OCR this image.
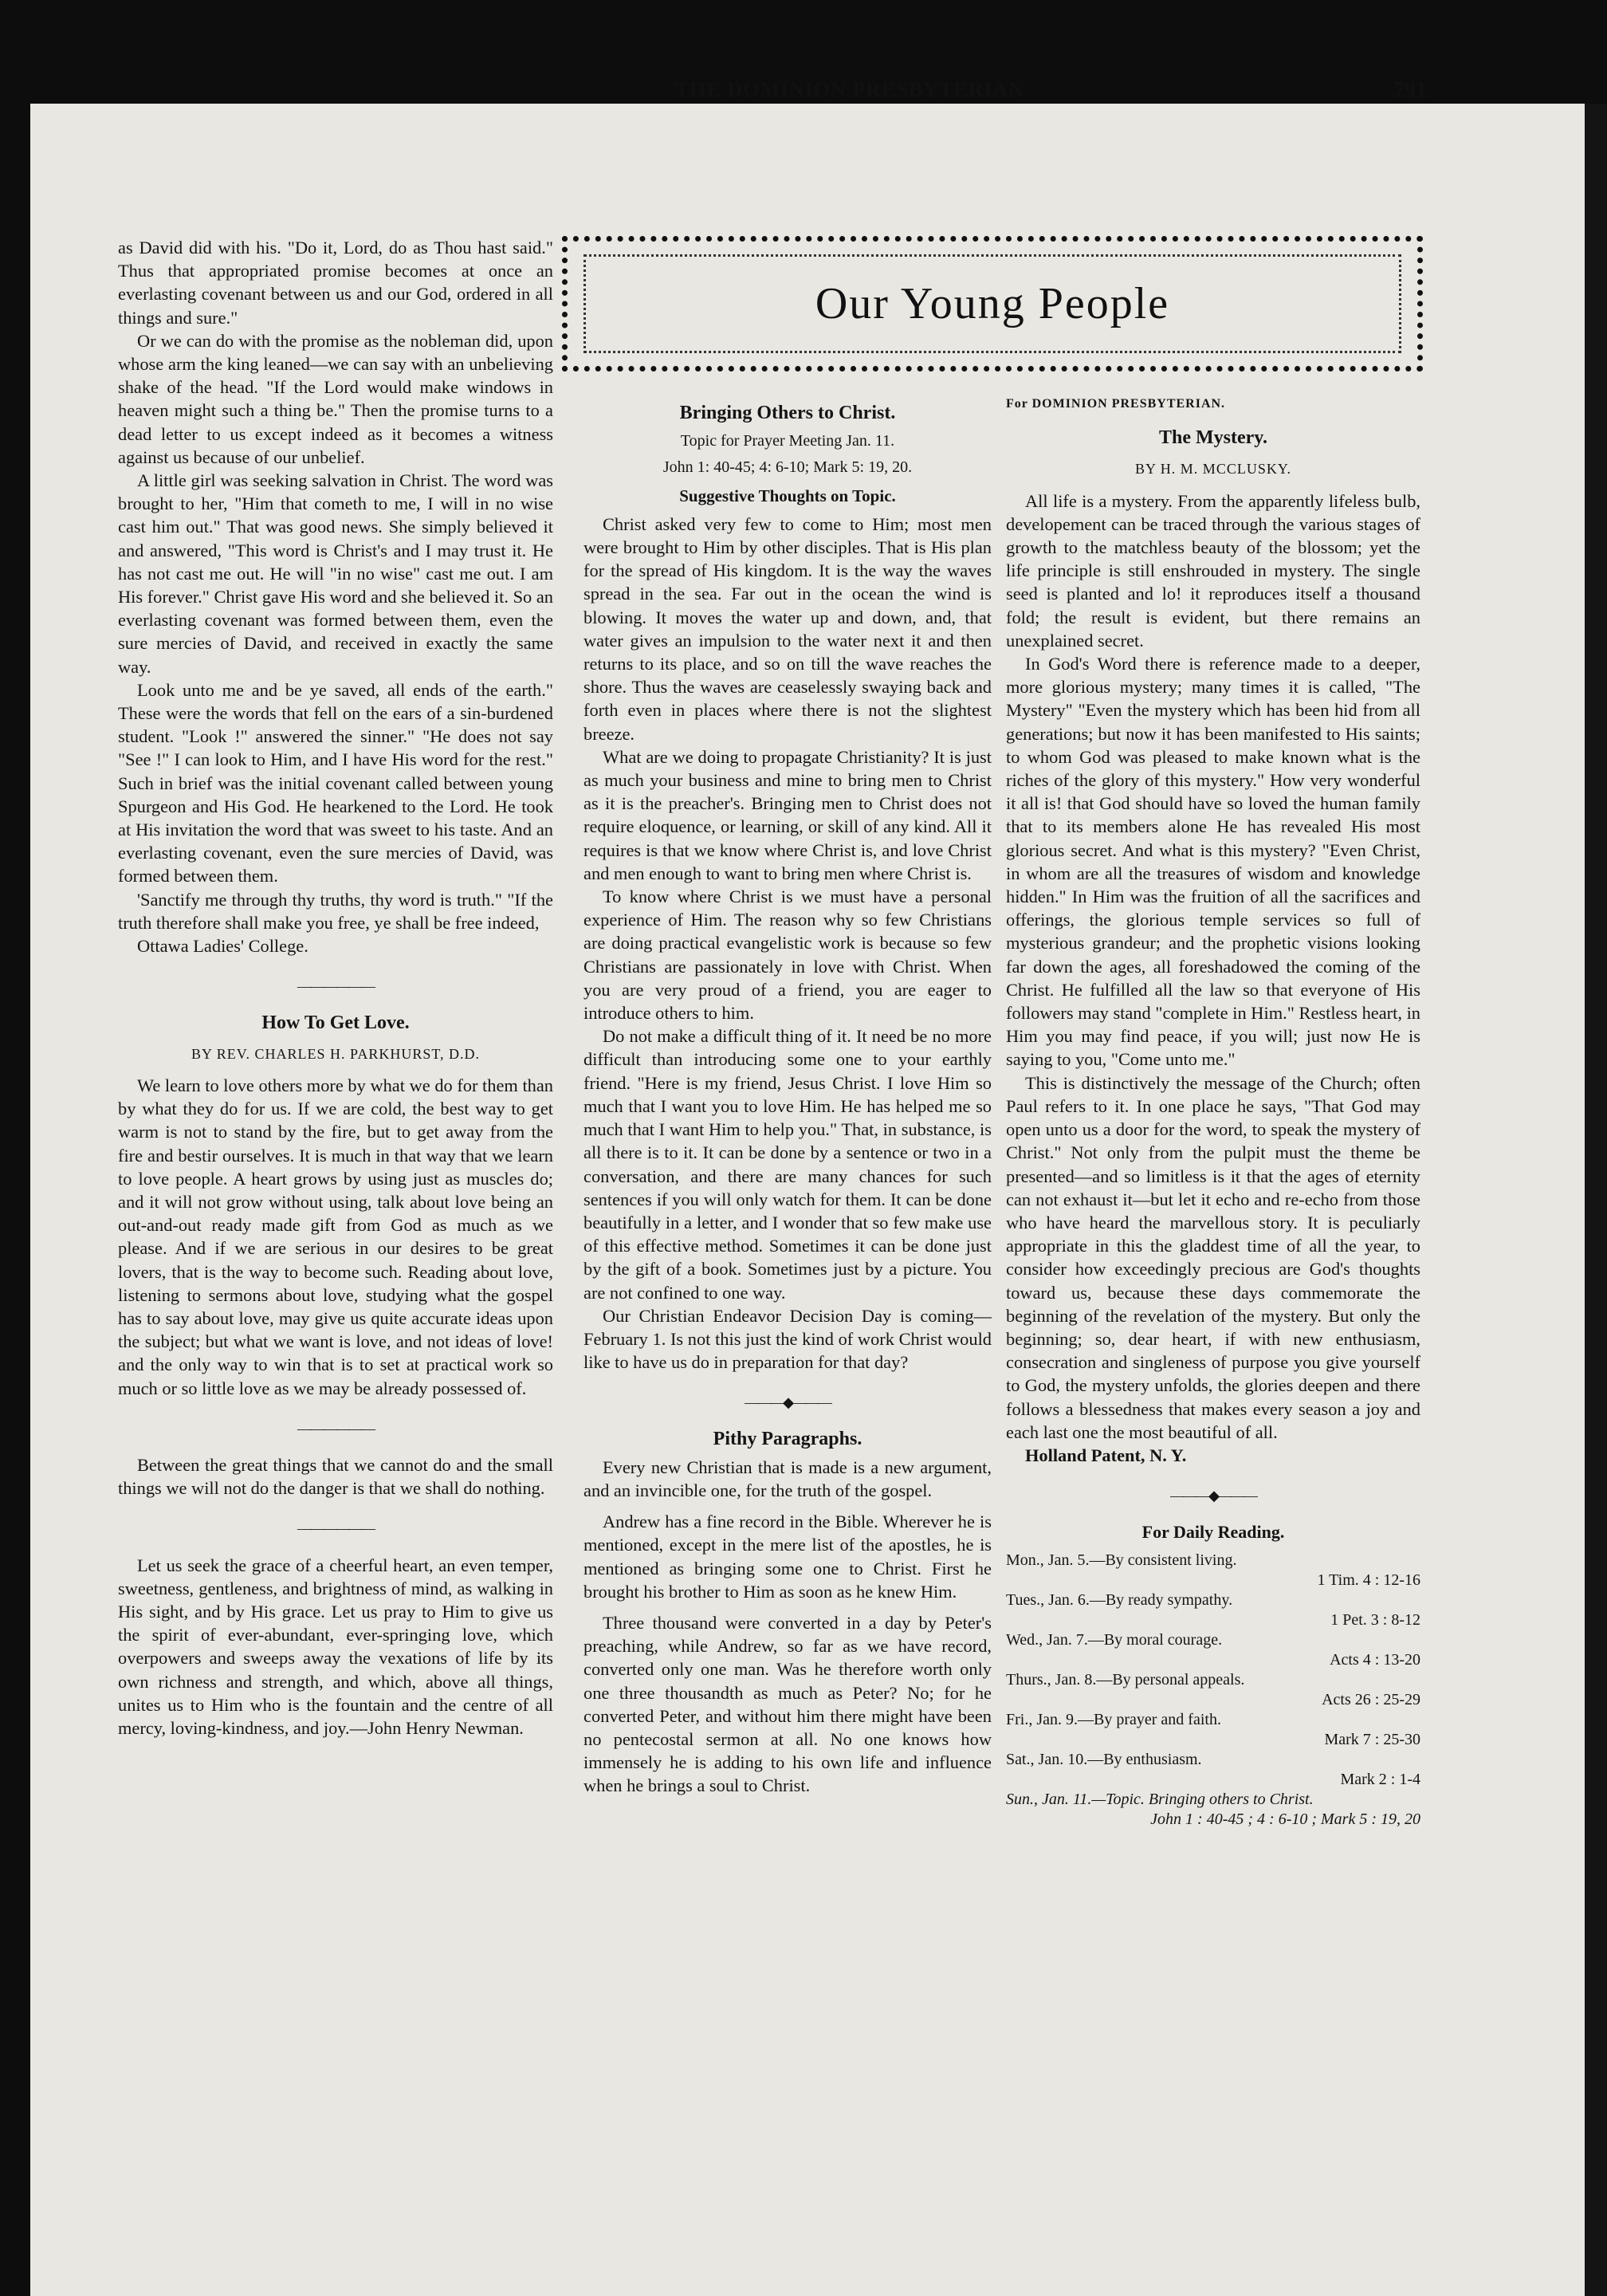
THE DOMINION PRESBYTERIAN	791
Our Young People

as David did with his. "Do it, Lord, do as Thou hast said." Thus that appropriated promise becomes at once an everlasting covenant between us and our God, ordered in all things and sure."

Or we can do with the promise as the nobleman did, upon whose arm the king leaned—we can say with an unbelieving shake of the head. "If the Lord would make windows in heaven might such a thing be." Then the promise turns to a dead letter to us except indeed as it becomes a witness against us because of our unbelief.

A little girl was seeking salvation in Christ. The word was brought to her, "Him that cometh to me, I will in no wise cast him out." That was good news. She simply believed it and answered, "This word is Christ's and I may trust it. He has not cast me out. He will "in no wise" cast me out. I am His forever." Christ gave His word and she believed it. So an everlasting covenant was formed between them, even the sure mercies of David, and received in exactly the same way.

Look unto me and be ye saved, all ends of the earth." These were the words that fell on the ears of a sin-burdened student. "Look !" answered the sinner." "He does not say "See !" I can look to Him, and I have His word for the rest." Such in brief was the initial covenant called between young Spurgeon and His God. He hearkened to the Lord. He took at His invitation the word that was sweet to his taste. And an everlasting covenant, even the sure mercies of David, was formed between them.

'Sanctify me through thy truths, thy word is truth." "If the truth therefore shall make you free, ye shall be free indeed,

Ottawa Ladies' College.

——————
How To Get Love.
BY REV. CHARLES H. PARKHURST, D.D.

We learn to love others more by what we do for them than by what they do for us. If we are cold, the best way to get warm is not to stand by the fire, but to get away from the fire and bestir ourselves. It is much in that way that we learn to love people. A heart grows by using just as muscles do; and it will not grow without using, talk about love being an out-and-out ready made gift from God as much as we please. And if we are serious in our desires to be great lovers, that is the way to become such. Reading about love, listening to sermons about love, studying what the gospel has to say about love, may give us quite accurate ideas upon the subject; but what we want is love, and not ideas of love! and the only way to win that is to set at practical work so much or so little love as we may be already possessed of.

——————

Between the great things that we cannot do and the small things we will not do the danger is that we shall do nothing.

——————

Let us seek the grace of a cheerful heart, an even temper, sweetness, gentleness, and brightness of mind, as walking in His sight, and by His grace. Let us pray to Him to give us the spirit of ever-abundant, ever-springing love, which overpowers and sweeps away the vexations of life by its own richness and strength, and which, above all things, unites us to Him who is the fountain and the centre of all mercy, loving-kindness, and joy.—John Henry Newman.

Bringing Others to Christ.
Topic for Prayer Meeting Jan. 11.
John 1: 40-45; 4: 6-10; Mark 5: 19, 20.
Suggestive Thoughts on Topic.

Christ asked very few to come to Him; most men were brought to Him by other disciples. That is His plan for the spread of His kingdom. It is the way the waves spread in the sea. Far out in the ocean the wind is blowing. It moves the water up and down, and, that water gives an impulsion to the water next it and then returns to its place, and so on till the wave reaches the shore. Thus the waves are ceaselessly swaying back and forth even in places where there is not the slightest breeze.

What are we doing to propagate Christianity? It is just as much your business and mine to bring men to Christ as it is the preacher's. Bringing men to Christ does not require eloquence, or learning, or skill of any kind. All it requires is that we know where Christ is, and love Christ and men enough to want to bring men where Christ is.

To know where Christ is we must have a personal experience of Him. The reason why so few Christians are doing practical evangelistic work is because so few Christians are passionately in love with Christ. When you are very proud of a friend, you are eager to introduce others to him.

Do not make a difficult thing of it. It need be no more difficult than introducing some one to your earthly friend. "Here is my friend, Jesus Christ. I love Him so much that I want you to love Him. He has helped me so much that I want Him to help you." That, in substance, is all there is to it. It can be done by a sentence or two in a conversation, and there are many chances for such sentences if you will only watch for them. It can be done beautifully in a letter, and I wonder that so few make use of this effective method. Sometimes it can be done just by the gift of a book. Sometimes just by a picture. You are not confined to one way.

Our Christian Endeavor Decision Day is coming—February 1. Is not this just the kind of work Christ would like to have us do in preparation for that day?

———◆———
Pithy Paragraphs.

Every new Christian that is made is a new argument, and an invincible one, for the truth of the gospel.

Andrew has a fine record in the Bible. Wherever he is mentioned, except in the mere list of the apostles, he is mentioned as bringing some one to Christ. First he brought his brother to Him as soon as he knew Him.

Three thousand were converted in a day by Peter's preaching, while Andrew, so far as we have record, converted only one man. Was he therefore worth only one three thousandth as much as Peter? No; for he converted Peter, and without him there might have been no pentecostal sermon at all. No one knows how immensely he is adding to his own life and influence when he brings a soul to Christ.

For DOMINION PRESBYTERIAN.
The Mystery.
BY H. M. MCCLUSKY.

All life is a mystery. From the apparently lifeless bulb, developement can be traced through the various stages of growth to the matchless beauty of the blossom; yet the life principle is still enshrouded in mystery. The single seed is planted and lo! it reproduces itself a thousand fold; the result is evident, but there remains an unexplained secret.

In God's Word there is reference made to a deeper, more glorious mystery; many times it is called, "The Mystery" "Even the mystery which has been hid from all generations; but now it has been manifested to His saints; to whom God was pleased to make known what is the riches of the glory of this mystery." How very wonderful it all is! that God should have so loved the human family that to its members alone He has revealed His most glorious secret. And what is this mystery? "Even Christ, in whom are all the treasures of wisdom and knowledge hidden." In Him was the fruition of all the sacrifices and offerings, the glorious temple services so full of mysterious grandeur; and the prophetic visions looking far down the ages, all foreshadowed the coming of the Christ. He fulfilled all the law so that everyone of His followers may stand "complete in Him." Restless heart, in Him you may find peace, if you will; just now He is saying to you, "Come unto me."

This is distinctively the message of the Church; often Paul refers to it. In one place he says, "That God may open unto us a door for the word, to speak the mystery of Christ." Not only from the pulpit must the theme be presented—and so limitless is it that the ages of eternity can not exhaust it—but let it echo and re-echo from those who have heard the marvellous story. It is peculiarly appropriate in this the gladdest time of all the year, to consider how exceedingly precious are God's thoughts toward us, because these days commemorate the beginning of the revelation of the mystery. But only the beginning; so, dear heart, if with new enthusiasm, consecration and singleness of purpose you give yourself to God, the mystery unfolds, the glories deepen and there follows a blessedness that makes every season a joy and each last one the most beautiful of all.

Holland Patent, N. Y.

———◆———
For Daily Reading.
Mon., Jan. 5.—By consistent living.
1 Tim. 4 : 12-16
Tues., Jan. 6.—By ready sympathy.
1 Pet. 3 : 8-12
Wed., Jan. 7.—By moral courage.
Acts 4 : 13-20
Thurs., Jan. 8.—By personal appeals.
Acts 26 : 25-29
Fri., Jan. 9.—By prayer and faith.
Mark 7 : 25-30
Sat., Jan. 10.—By enthusiasm.
Mark 2 : 1-4
Sun., Jan. 11.—Topic. Bringing others to Christ.
John 1 : 40-45 ; 4 : 6-10 ; Mark 5 : 19, 20
